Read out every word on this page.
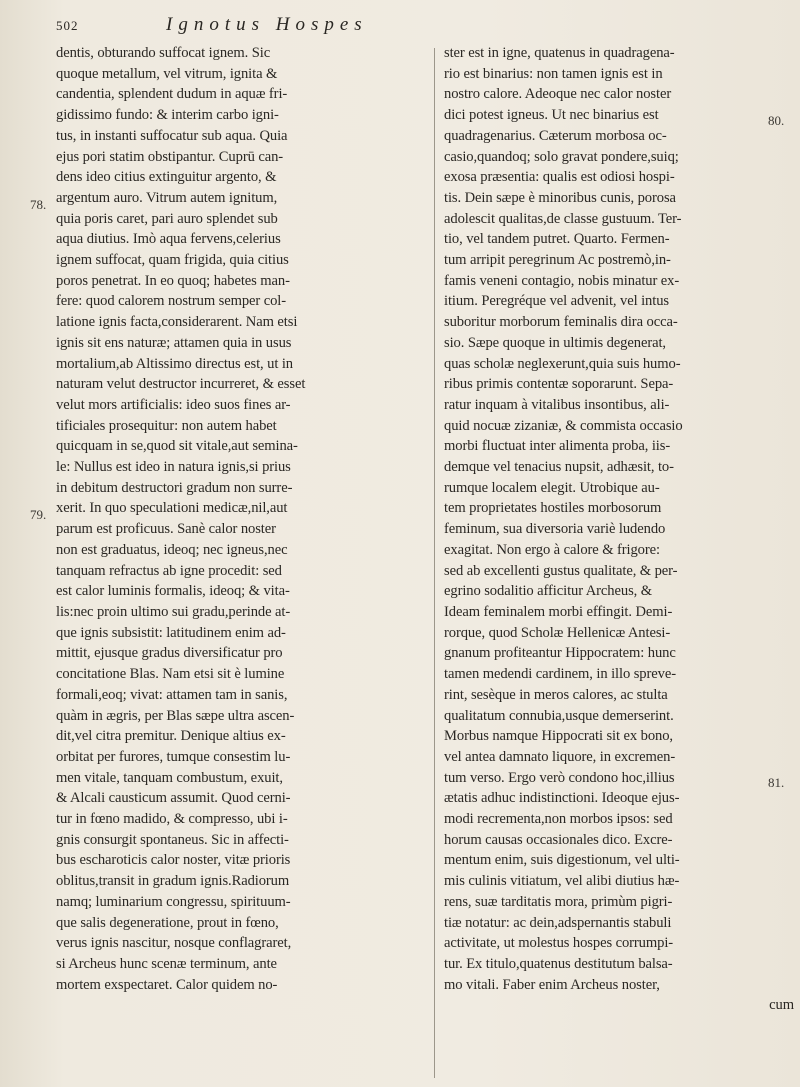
502	Ignotus Hospes

dentis, obturando suffocat ignem. Sic

quoque metallum, vel vitrum, ignita &

candentia, splendent dudum in aquæ fri-

gidissimo fundo: & interim carbo igni-

tus, in instanti suffocatur sub aqua. Quia

ejus pori statim obstipantur. Cuprū can-

dens ideo citius extinguitur argento, &

argentum auro. Vitrum autem ignitum,

quia poris caret, pari auro splendet sub

aqua diutius. Imò aqua fervens,celerius

ignem suffocat, quam frigida, quia citius

poros penetrat. In eo quoq; habetes man-

fere: quod calorem nostrum semper col-

latione ignis facta,considerarent. Nam etsi

ignis sit ens naturæ; attamen quia in usus

mortalium,ab Altissimo directus est, ut in

naturam velut destructor incurreret, & esset

velut mors artificialis: ideo suos fines ar-

tificiales prosequitur: non autem habet

quicquam in se,quod sit vitale,aut semina-

le: Nullus est ideo in natura ignis,si prius

in debitum destructori gradum non surre-

xerit. In quo speculationi medicæ,nil,aut

parum est proficuus. Sanè calor noster

non est graduatus, ideoq; nec igneus,nec

tanquam refractus ab igne procedit: sed

est calor luminis formalis, ideoq; & vita-

lis:nec proin ultimo sui gradu,perinde at-

que ignis subsistit: latitudinem enim ad-

mittit, ejusque gradus diversificatur pro

concitatione Blas. Nam etsi sit è lumine

formali,eoq; vivat: attamen tam in sanis,

quàm in ægris, per Blas sæpe ultra ascen-

dit,vel citra premitur. Denique altius ex-

orbitat per furores, tumque consestim lu-

men vitale, tanquam combustum, exuit,

& Alcali causticum assumit. Quod cerni-

tur in fœno madido, & compresso, ubi i-

gnis consurgit spontaneus. Sic in affecti-

bus escharoticis calor noster, vitæ prioris

oblitus,transit in gradum ignis.Radiorum

namq; luminarium congressu, spirituum-

que salis degeneratione, prout in fœno,

verus ignis nascitur, nosque conflagraret,

si Archeus hunc scenæ terminum, ante

mortem exspectaret. Calor quidem no-

ster est in igne, quatenus in quadragena-

rio est binarius: non tamen ignis est in

nostro calore. Adeoque nec calor noster

dici potest igneus. Ut nec binarius est

quadragenarius. Cæterum morbosa oc-

casio,quandoq; solo gravat pondere,suiq;

exosa præsentia: qualis est odiosi hospi-

tis. Dein sæpe è minoribus cunis, porosa

adolescit qualitas,de classe gustuum. Ter-

tio, vel tandem putret. Quarto. Fermen-

tum arripit peregrinum Ac postremò,in-

famis veneni contagio, nobis minatur ex-

itium. Peregréque vel advenit, vel intus

suboritur morborum feminalis dira occa-

sio. Sæpe quoque in ultimis degenerat,

quas scholæ neglexerunt,quia suis humo-

ribus primis contentæ soporarunt. Sepa-

ratur inquam à vitalibus insontibus, ali-

quid nocuæ zizaniæ, & commista occasio

morbi fluctuat inter alimenta proba, iis-

demque vel tenacius nupsit, adhæsit, to-

rumque localem elegit. Utrobique au-

tem proprietates hostiles morbosorum

feminum, sua diversoria variè ludendo

exagitat. Non ergo à calore & frigore:

sed ab excellenti gustus qualitate, & per-

egrino sodalitio afficitur Archeus, &

Ideam feminalem morbi effingit. Demi-

rorque, quod Scholæ Hellenicæ Antesi-

gnanum profiteantur Hippocratem: hunc

tamen medendi cardinem, in illo spreve-

rint, sesèque in meros calores, ac stulta

qualitatum connubia,usque demerserint.

Morbus namque Hippocrati sit ex bono,

vel antea damnato liquore, in excremen-

tum verso. Ergo verò condono hoc,illius

ætatis adhuc indistinctioni. Ideoque ejus-

modi recrementa,non morbos ipsos: sed

horum causas occasionales dico. Excre-

mentum enim, suis digestionum, vel ulti-

mis culinis vitiatum, vel alibi diutius hæ-

rens, suæ tarditatis mora, primùm pigri-

tiæ notatur: ac dein,adspernantis stabuli

activitate, ut molestus hospes corrumpi-

tur. Ex titulo,quatenus destitutum balsa-

mo vitali. Faber enim Archeus noster,

cum

78.
79.
80.
81.
